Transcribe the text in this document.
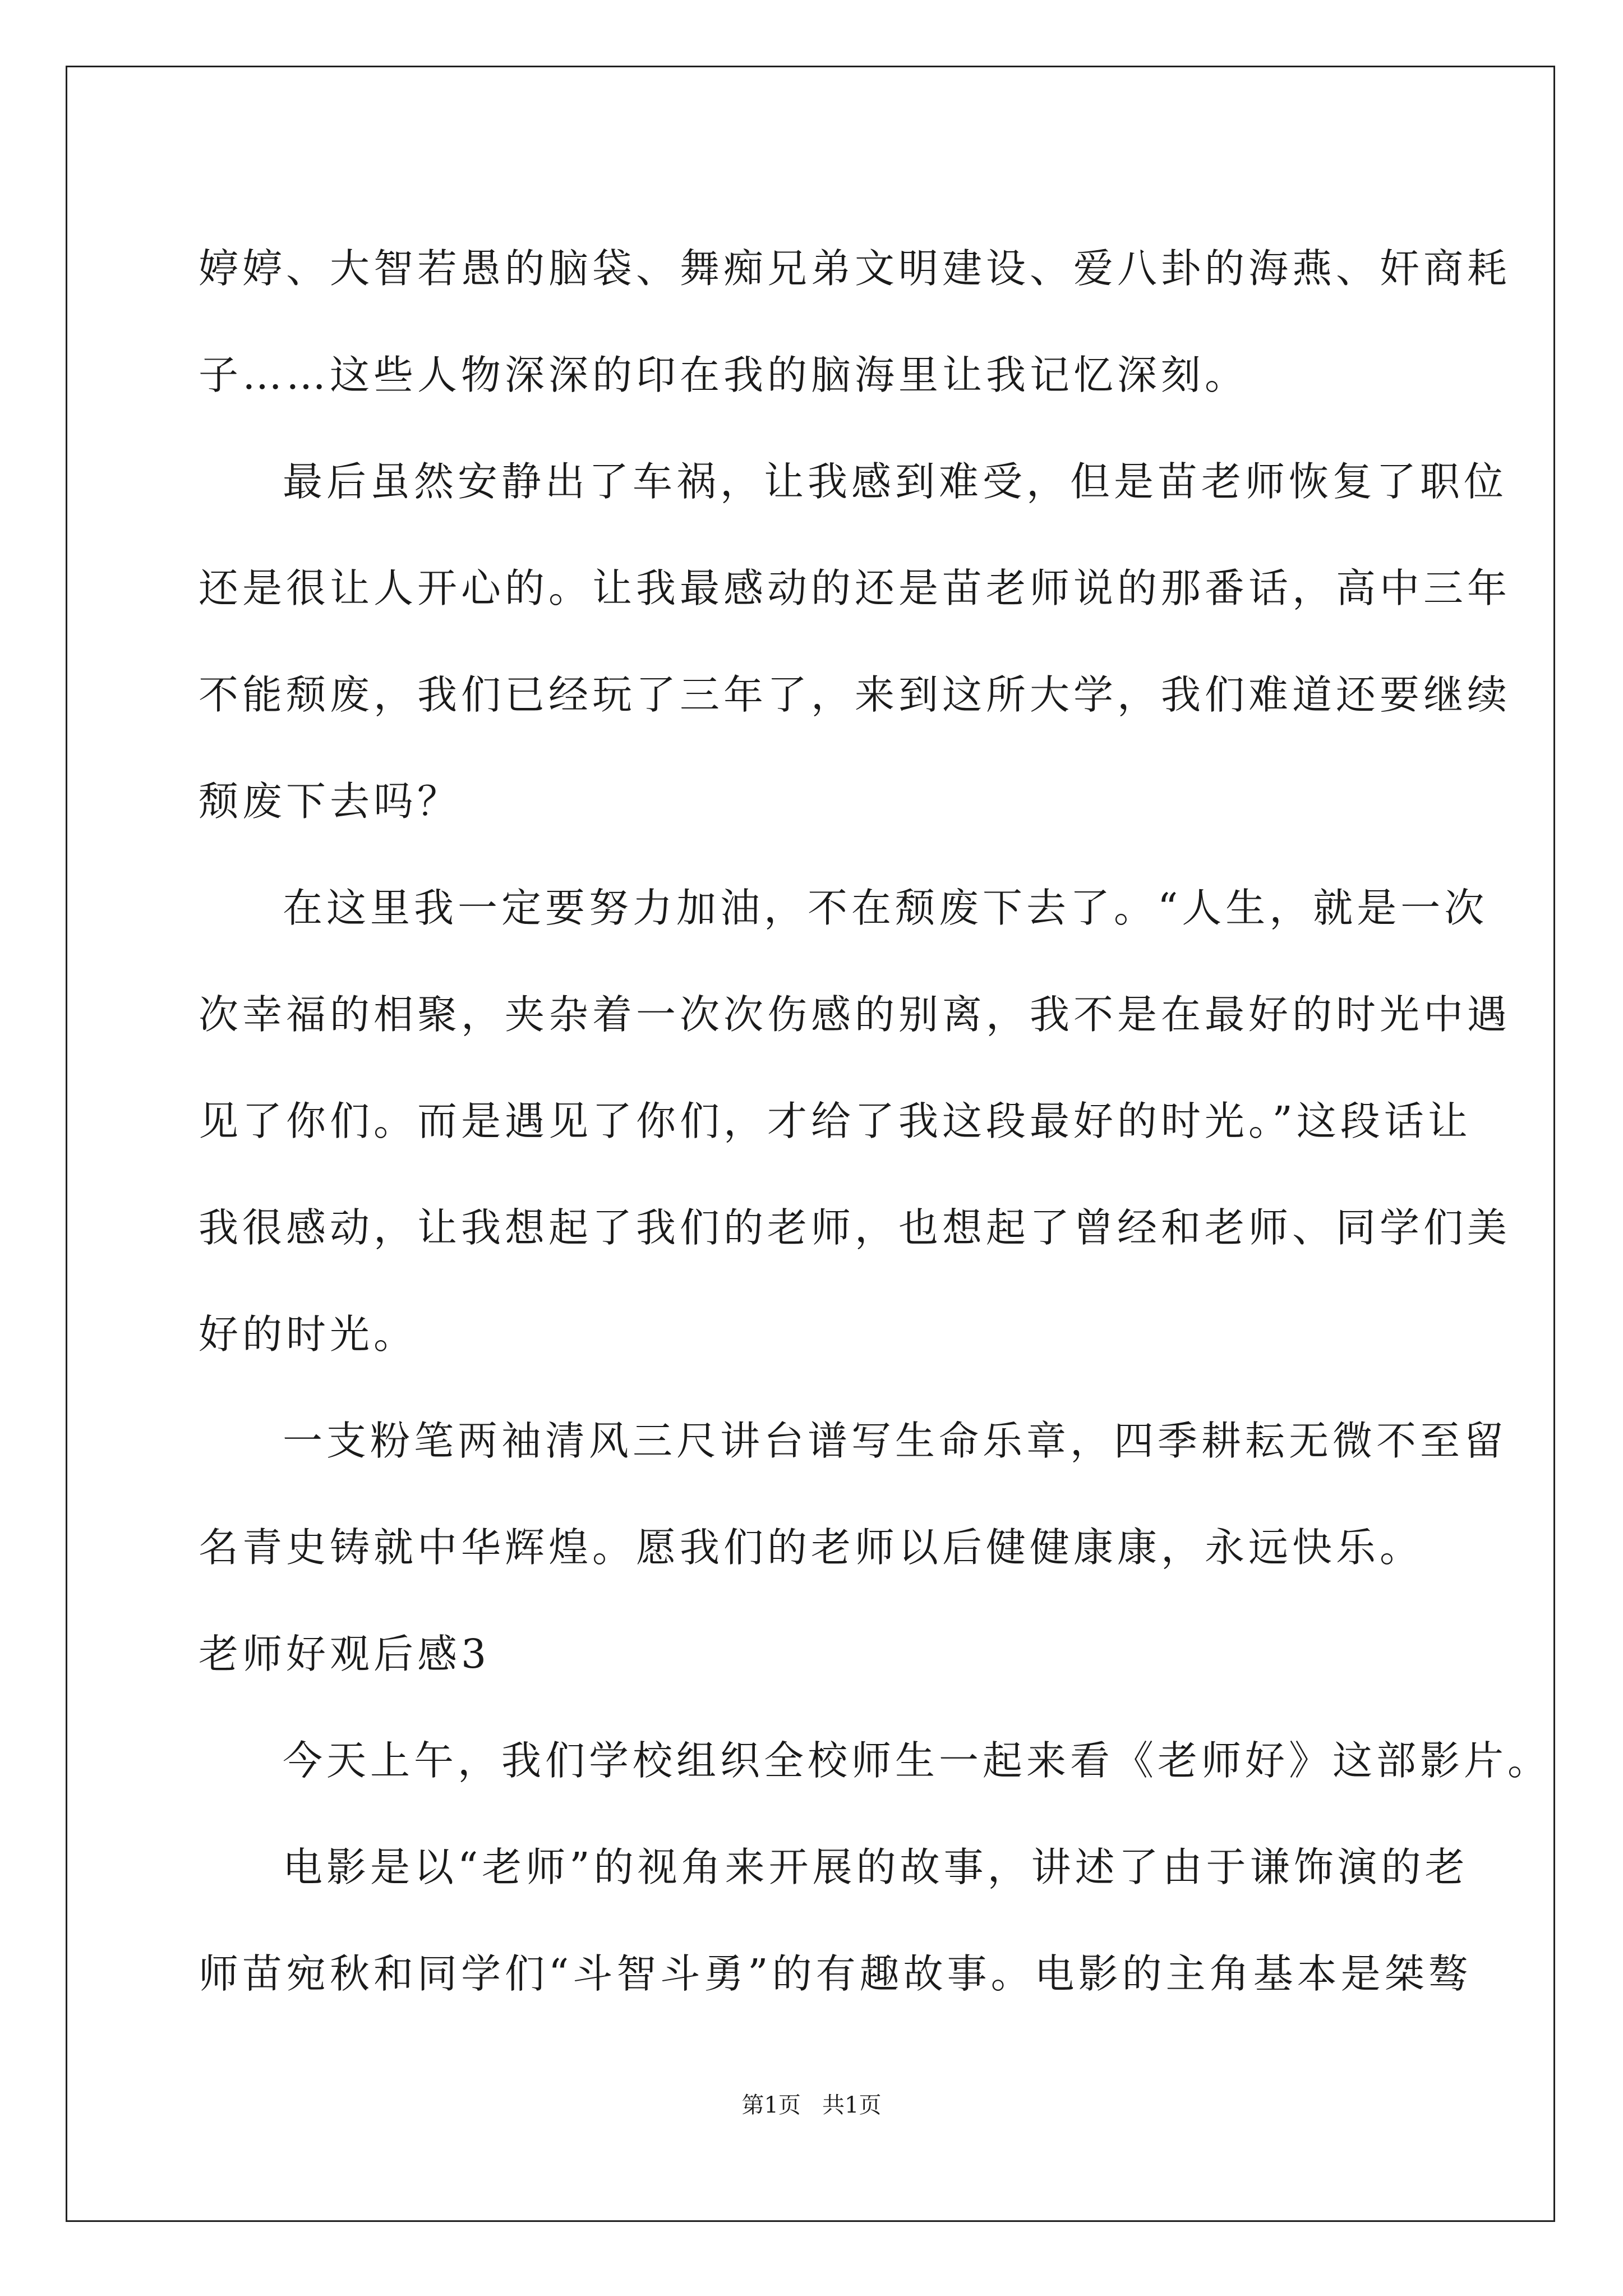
婷婷、大智若愚的脑袋、舞痴兄弟文明建设、爱八卦的海燕、奸商耗
子……这些人物深深的印在我的脑海里让我记忆深刻。
最后虽然安静出了车祸，让我感到难受，但是苗老师恢复了职位
还是很让人开心的。让我最感动的还是苗老师说的那番话，高中三年
不能颓废，我们已经玩了三年了，来到这所大学，我们难道还要继续
颓废下去吗？
在这里我一定要努力加油，不在颓废下去了。“人生，就是一次
次幸福的相聚，夹杂着一次次伤感的别离，我不是在最好的时光中遇
见了你们。而是遇见了你们，才给了我这段最好的时光。”这段话让
我很感动，让我想起了我们的老师，也想起了曾经和老师、同学们美
好的时光。
一支粉笔两袖清风三尺讲台谱写生命乐章，四季耕耘无微不至留
名青史铸就中华辉煌。愿我们的老师以后健健康康，永远快乐。
老师好观后感3
今天上午，我们学校组织全校师生一起来看《老师好》这部影片。
电影是以“老师”的视角来开展的故事，讲述了由于谦饰演的老
师苗宛秋和同学们“斗智斗勇”的有趣故事。电影的主角基本是桀骜
第1页   共1页
